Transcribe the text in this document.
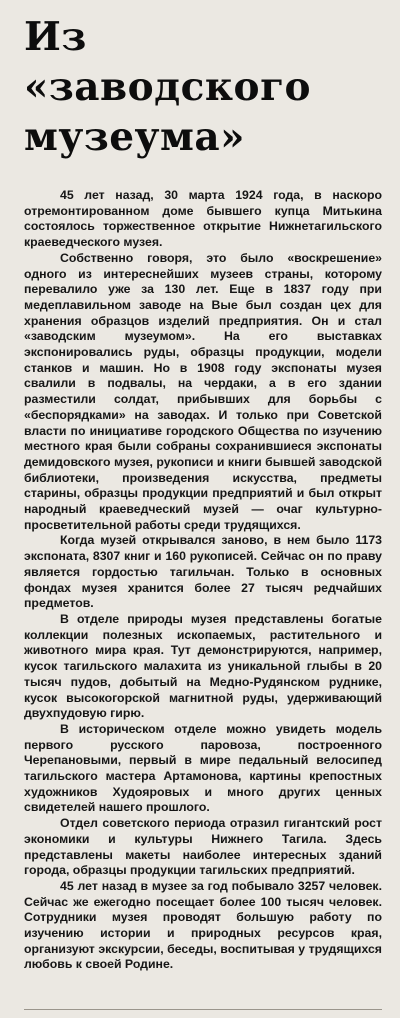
Из
«заводского
музеума»

45 лет назад, 30 марта 1924 года, в наскоро отремонтированном доме бывшего купца Митькина состоялось торжественное открытие Нижнетагильского краеведческого музея.

Собственно говоря, это было «воскрешение» одного из интереснейших музеев страны, которому перевалило уже за 130 лет. Еще в 1837 году при медеплавильном заводе на Вые был создан цех для хранения образцов изделий предприятия. Он и стал «заводским музеумом». На его выставках экспонировались руды, образцы продукции, модели станков и машин. Но в 1908 году экспонаты музея свалили в подвалы, на чердаки, а в его здании разместили солдат, прибывших для борьбы с «беспорядками» на заводах. И только при Советской власти по инициативе городского Общества по изучению местного края были собраны сохранившиеся экспонаты демидовского музея, рукописи и книги бывшей заводской библиотеки, произведения искусства, предметы старины, образцы продукции предприятий и был открыт народный краеведческий музей — очаг культурно-просветительной работы среди трудящихся.

Когда музей открывался заново, в нем было 1173 экспоната, 8307 книг и 160 рукописей. Сейчас он по праву является гордостью тагильчан. Только в основных фондах музея хранится более 27 тысяч редчайших предметов.

В отделе природы музея представлены богатые коллекции полезных ископаемых, растительного и животного мира края. Тут демонстрируются, например, кусок тагильского малахита из уникальной глыбы в 20 тысяч пудов, добытый на Медно-Рудянском руднике, кусок высокогорской магнитной руды, удерживающий двухпудовую гирю.

В историческом отделе можно увидеть модель первого русского паровоза, построенного Черепановыми, первый в мире педальный велосипед тагильского мастера Артамонова, картины крепостных художников Худояровых и много других ценных свидетелей нашего прошлого.

Отдел советского периода отразил гигантский рост экономики и культуры Нижнего Тагила. Здесь представлены макеты наиболее интересных зданий города, образцы продукции тагильских предприятий.

45 лет назад в музее за год побывало 3257 человек. Сейчас же ежегодно посещает более 100 тысяч человек. Сотрудники музея проводят большую работу по изучению истории и природных ресурсов края, организуют экскурсии, беседы, воспитывая у трудящихся любовь к своей Родине.
